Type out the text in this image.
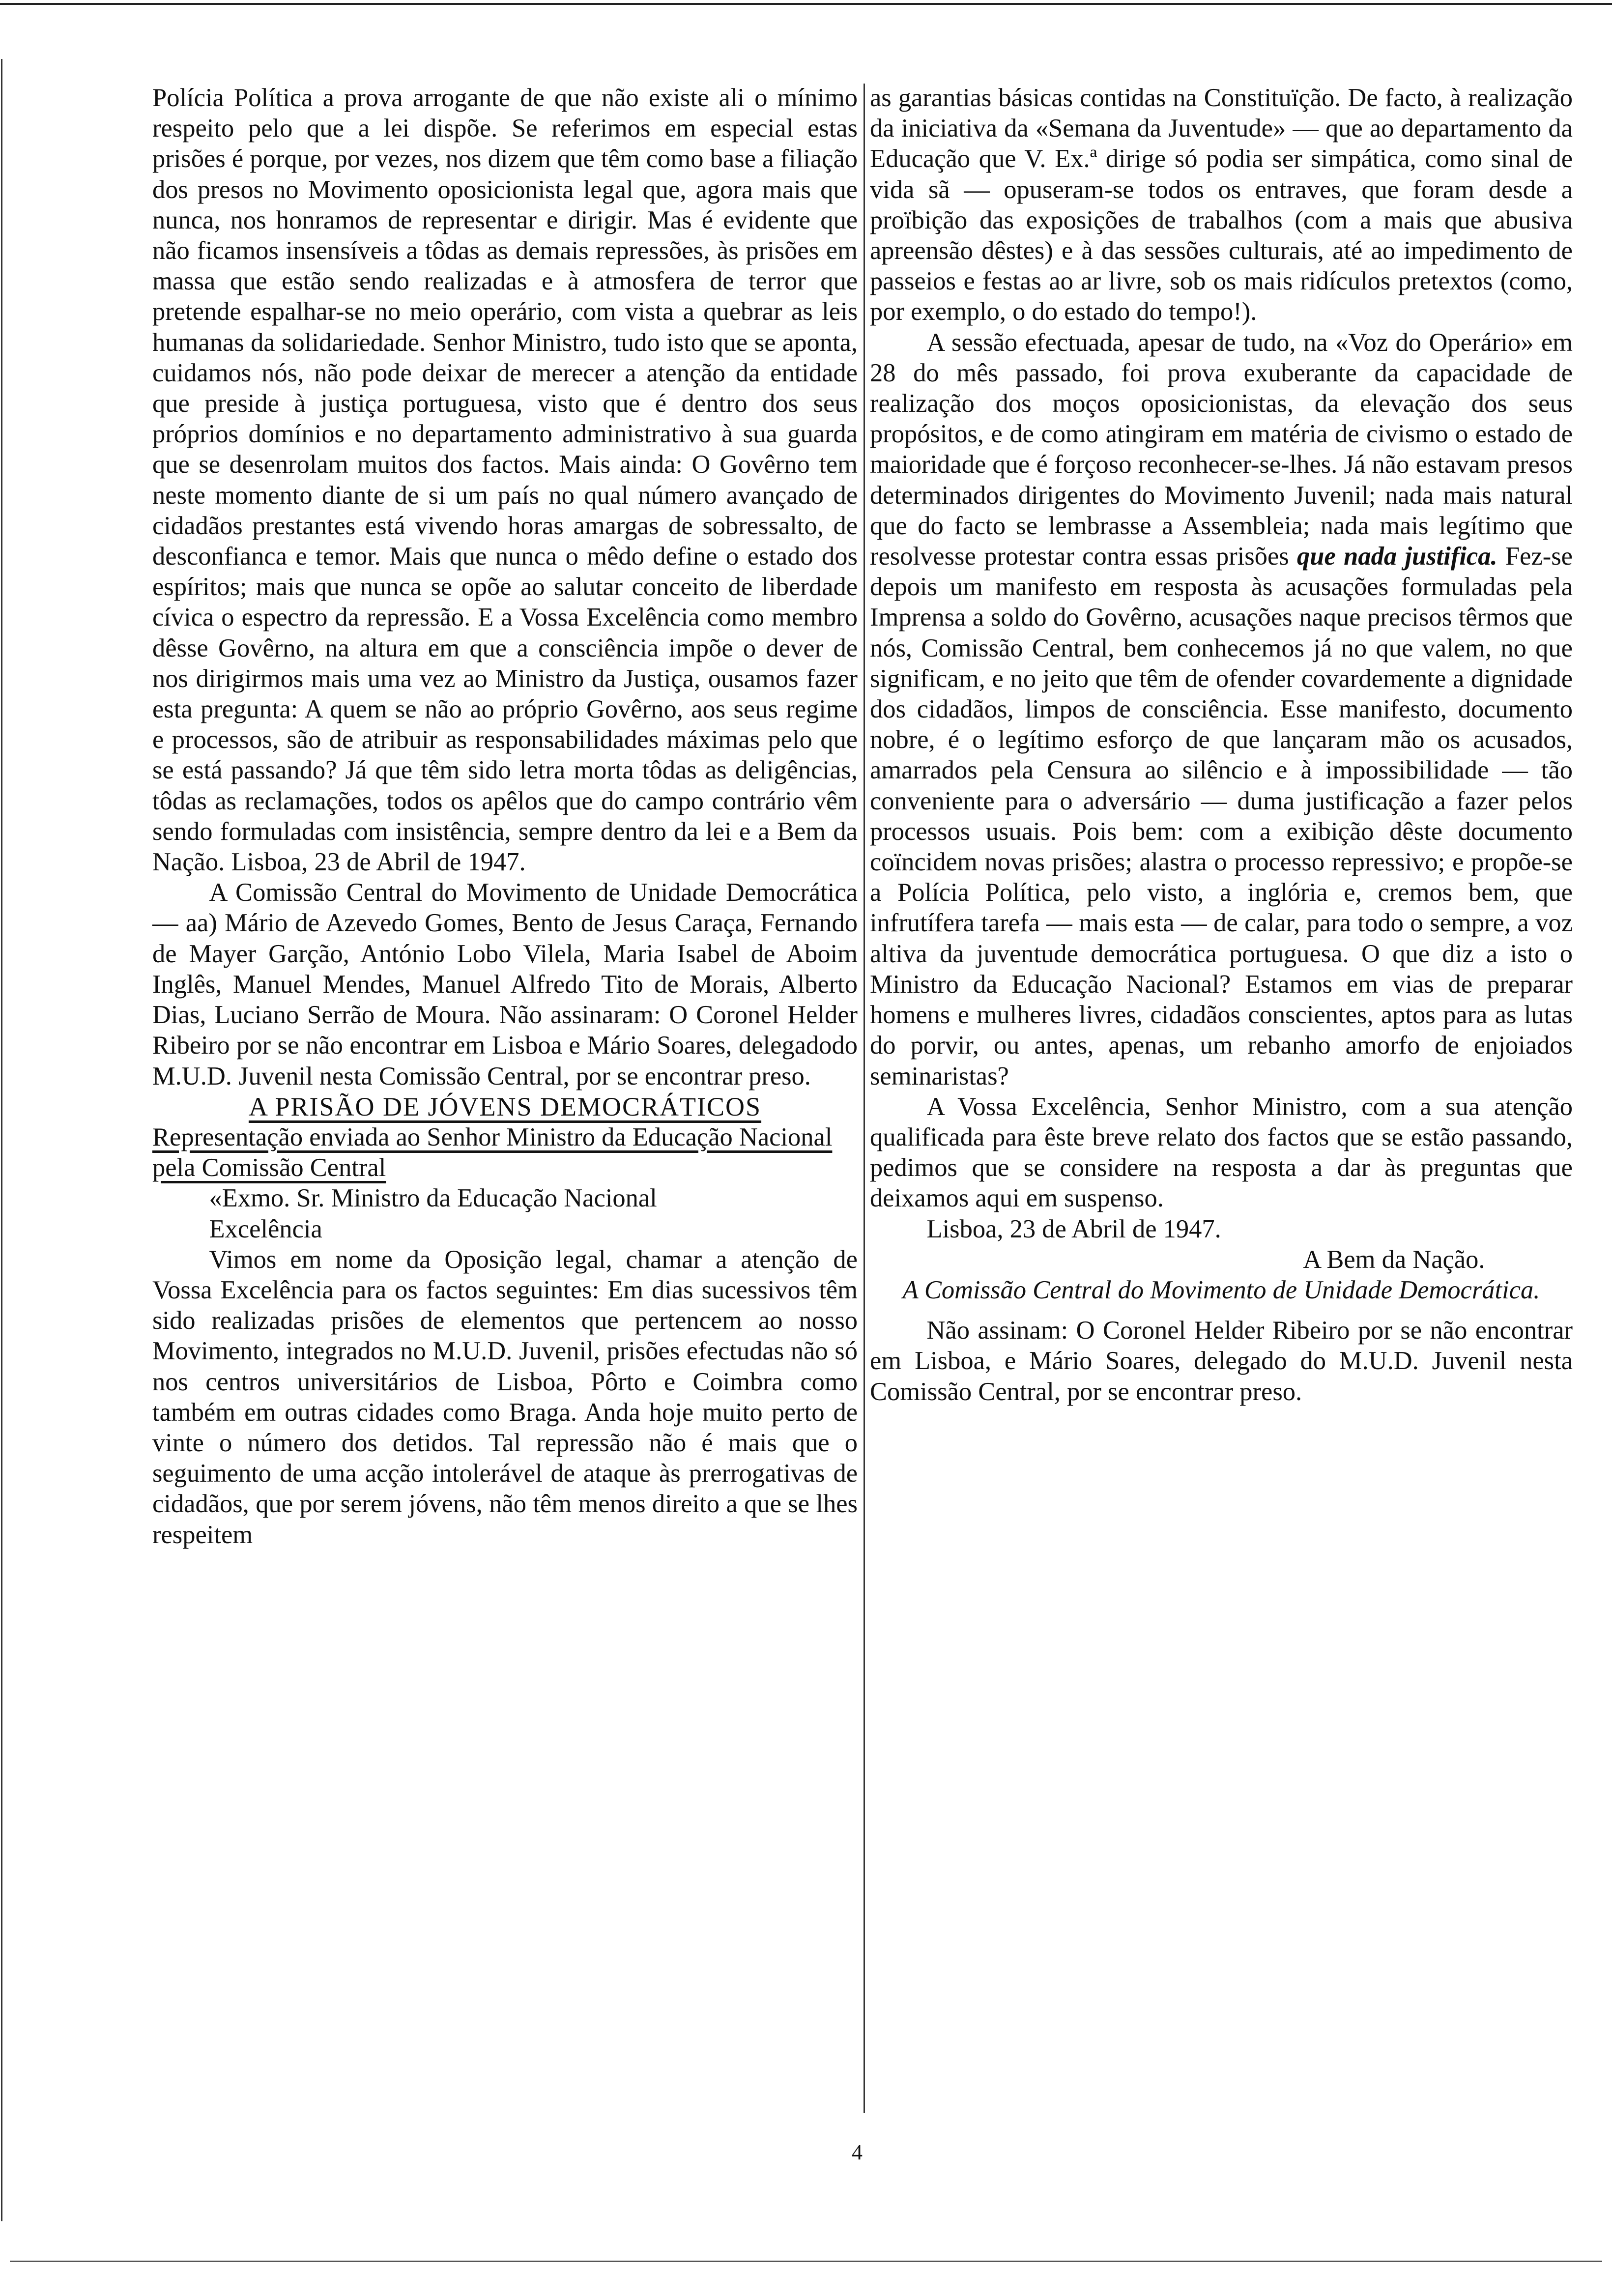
Polícia Política a prova arrogante de que não existe ali o mínimo respeito pelo que a lei dispõe. Se referimos em especial estas prisões é porque, por vezes, nos dizem que têm como base a filiação dos presos no Movimento oposicionista legal que, agora mais que nunca, nos honramos de representar e dirigir. Mas é evidente que não ficamos insensíveis a tôdas as demais repressões, às prisões em massa que estão sendo realizadas e à atmosfera de terror que pretende espalhar-se no meio operário, com vista a quebrar as leis humanas da solidariedade. Senhor Ministro, tudo isto que se aponta, cuidamos nós, não pode deixar de merecer a atenção da entidade que preside à justiça portuguesa, visto que é dentro dos seus próprios domínios e no departamento administrativo à sua guarda que se desenrolam muitos dos factos. Mais ainda: O Govêrno tem neste momento diante de si um país no qual número avançado de cidadãos prestantes está vivendo horas amargas de sobressalto, de desconfianca e temor. Mais que nunca o mêdo define o estado dos espíritos; mais que nunca se opõe ao salutar conceito de liberdade cívica o espectro da repressão. E a Vossa Excelência como membro dêsse Govêrno, na altura em que a consciência impõe o dever de nos dirigirmos mais uma vez ao Ministro da Justiça, ousamos fazer esta pregunta: A quem se não ao próprio Govêrno, aos seus regime e processos, são de atribuir as responsabilidades máximas pelo que se está passando? Já que têm sido letra morta tôdas as deligências, tôdas as reclamações, todos os apêlos que do campo contrário vêm sendo formuladas com insistência, sempre dentro da lei e a Bem da Nação. Lisboa, 23 de Abril de 1947.

A Comissão Central do Movimento de Unidade Democrática — aa) Mário de Azevedo Gomes, Bento de Jesus Caraça, Fernando de Mayer Garção, António Lobo Vilela, Maria Isabel de Aboim Inglês, Manuel Mendes, Manuel Alfredo Tito de Morais, Alberto Dias, Luciano Serrão de Moura. Não assinaram: O Coronel Helder Ribeiro por se não encontrar em Lisboa e Mário Soares, delegadodo M.U.D. Juvenil nesta Comissão Central, por se encontrar preso.

A PRISÃO DE JÓVENS DEMOCRÁTICOS

Representação enviada ao Senhor Ministro da Educação Nacional pela Comissão Central

«Exmo. Sr. Ministro da Educação Nacional

Excelência

Vimos em nome da Oposição legal, chamar a atenção de Vossa Excelência para os factos seguintes: Em dias sucessivos têm sido realizadas prisões de elementos que pertencem ao nosso Movimento, integrados no M.U.D. Juvenil, prisões efectudas não só nos centros universitários de Lisboa, Pôrto e Coimbra como também em outras cidades como Braga. Anda hoje muito perto de vinte o número dos detidos. Tal repressão não é mais que o seguimento de uma acção intolerável de ataque às prerrogativas de cidadãos, que por serem jóvens, não têm menos direito a que se lhes respeitem

as garantias básicas contidas na Constituïção. De facto, à realização da iniciativa da «Semana da Juventude» — que ao departamento da Educação que V. Ex.ª dirige só podia ser simpática, como sinal de vida sã — opuseram-se todos os entraves, que foram desde a proïbição das exposições de trabalhos (com a mais que abusiva apreensão dêstes) e à das sessões culturais, até ao impedimento de passeios e festas ao ar livre, sob os mais ridículos pretextos (como, por exemplo, o do estado do tempo!).

A sessão efectuada, apesar de tudo, na «Voz do Operário» em 28 do mês passado, foi prova exuberante da capacidade de realização dos moços oposicionistas, da elevação dos seus propósitos, e de como atingiram em matéria de civismo o estado de maioridade que é forçoso reconhecer-se-lhes. Já não estavam presos determinados dirigentes do Movimento Juvenil; nada mais natural que do facto se lembrasse a Assembleia; nada mais legítimo que resolvesse protestar contra essas prisões que nada justifica. Fez-se depois um manifesto em resposta às acusações formuladas pela Imprensa a soldo do Govêrno, acusações naque precisos têrmos que nós, Comissão Central, bem conhecemos já no que valem, no que significam, e no jeito que têm de ofender covardemente a dignidade dos cidadãos, limpos de consciência. Esse manifesto, documento nobre, é o legítimo esforço de que lançaram mão os acusados, amarrados pela Censura ao silêncio e à impossibilidade — tão conveniente para o adversário — duma justificação a fazer pelos processos usuais. Pois bem: com a exibição dêste documento coïncidem novas prisões; alastra o processo repressivo; e propõe-se a Polícia Política, pelo visto, a inglória e, cremos bem, que infrutífera tarefa — mais esta — de calar, para todo o sempre, a voz altiva da juventude democrática portuguesa. O que diz a isto o Ministro da Educação Nacional? Estamos em vias de preparar homens e mulheres livres, cidadãos conscientes, aptos para as lutas do porvir, ou antes, apenas, um rebanho amorfo de enjoiados seminaristas?

A Vossa Excelência, Senhor Ministro, com a sua atenção qualificada para êste breve relato dos factos que se estão passando, pedimos que se considere na resposta a dar às preguntas que deixamos aqui em suspenso.

Lisboa, 23 de Abril de 1947.

A Bem da Nação.

A Comissão Central do Movimento de Unidade Democrática.

Não assinam: O Coronel Helder Ribeiro por se não encontrar em Lisboa, e Mário Soares, delegado do M.U.D. Juvenil nesta Comissão Central, por se encontrar preso.

4
